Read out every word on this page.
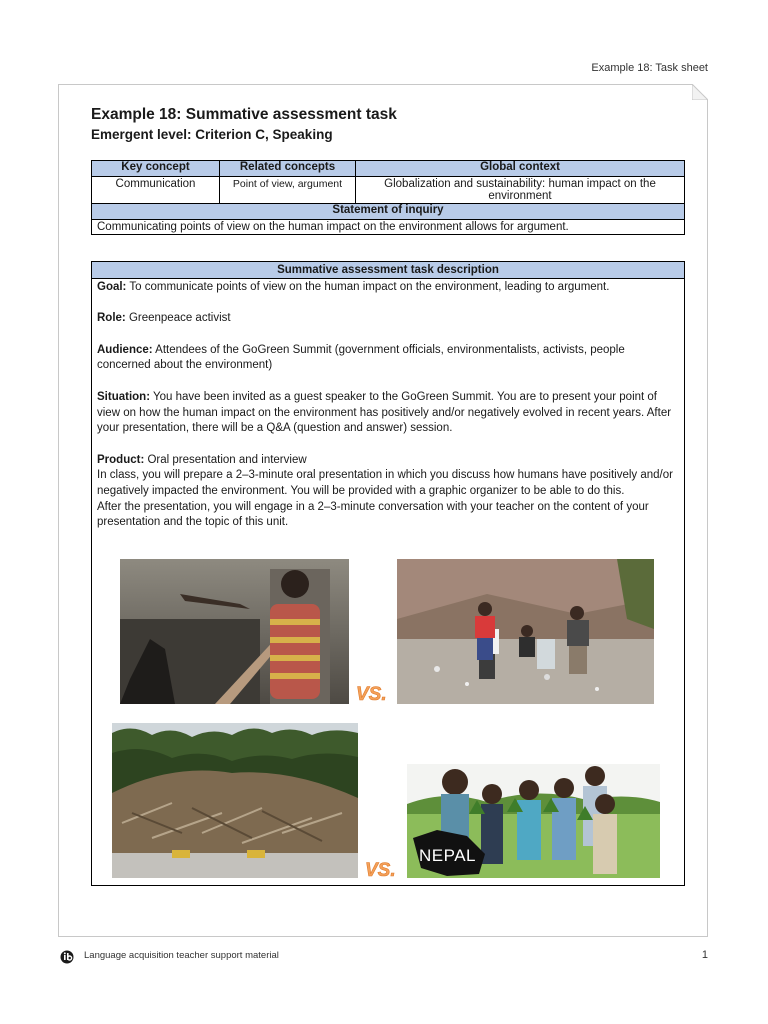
Example 18: Task sheet
Example 18: Summative assessment task
Emergent level: Criterion C, Speaking
Key concept	Related concepts	Global context
Communication	Point of view, argument	Globalization and sustainability: human impact on the environment
Statement of inquiry		
Communicating points of view on the human impact on the environment allows for argument.		
Summative assessment task description

Goal: To communicate points of view on the human impact on the environment, leading to argument.

Role: Greenpeace activist

Audience: Attendees of the GoGreen Summit (government officials, environmentalists, activists, people concerned about the environment)

Situation: You have been invited as a guest speaker to the GoGreen Summit. You are to present your point of view on how the human impact on the environment has positively and/or negatively evolved in recent years. After your presentation, there will be a Q&A (question and answer) session.

Product: Oral presentation and interview
In class, you will prepare a 2–3-minute oral presentation in which you discuss how humans have positively and/or negatively impacted the environment. You will be provided with a graphic organizer to be able to do this.
After the presentation, you will engage in a 2–3-minute conversation with your teacher on the content of your presentation and the topic of this unit.

VS.
NEPAL
VS.
Language acquisition teacher support material	1
